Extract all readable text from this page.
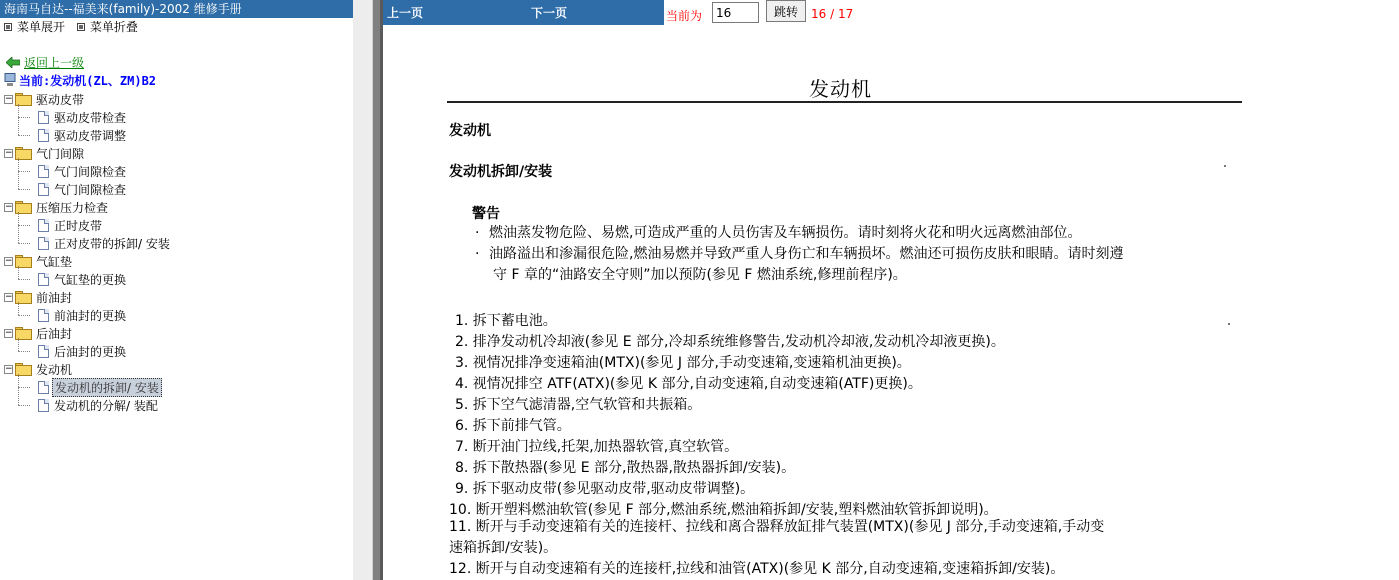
海南马自达--福美来(family)-2002 维修手册
菜单展开
菜单折叠
返回上一级
当前:发动机(ZL、ZM)B2
− 驱动皮带
驱动皮带检查
驱动皮带调整
− 气门间隙
气门间隙检查
气门间隙检查
− 压缩压力检查
正时皮带
正对皮带的拆卸/ 安装
− 气缸垫
气缸垫的更换
− 前油封
前油封的更换
− 后油封
后油封的更换
− 发动机
发动机的拆卸/ 安装
发动机的分解/ 装配
上一页	下一页	当前为
16	跳转	16 / 17
发动机
发动机
发动机拆卸/安装
警告
· 燃油蒸发物危险、易燃,可造成严重的人员伤害及车辆损伤。请时刻将火花和明火远离燃油部位。
· 油路溢出和渗漏很危险,燃油易燃并导致严重人身伤亡和车辆损坏。燃油还可损伤皮肤和眼睛。请时刻遵
守 F 章的“油路安全守则”加以预防(参见 F 燃油系统,修理前程序)。
1. 拆下蓄电池。
2. 排净发动机冷却液(参见 E 部分,冷却系统维修警告,发动机冷却液,发动机冷却液更换)。
3. 视情况排净变速箱油(MTX)(参见 J 部分,手动变速箱,变速箱机油更换)。
4. 视情况排空 ATF(ATX)(参见 K 部分,自动变速箱,自动变速箱(ATF)更换)。
5. 拆下空气滤清器,空气软管和共振箱。
6. 拆下前排气管。
7. 断开油门拉线,托架,加热器软管,真空软管。
8. 拆下散热器(参见 E 部分,散热器,散热器拆卸/安装)。
9. 拆下驱动皮带(参见驱动皮带,驱动皮带调整)。
10. 断开塑料燃油软管(参见 F 部分,燃油系统,燃油箱拆卸/安装,塑料燃油软管拆卸说明)。
11. 断开与手动变速箱有关的连接杆、拉线和离合器释放缸排气装置(MTX)(参见 J 部分,手动变速箱,手动变
12. 断开与自动变速箱有关的连接杆,拉线和油管(ATX)(参见 K 部分,自动变速箱,变速箱拆卸/安装)。
速箱拆卸/安装)。
